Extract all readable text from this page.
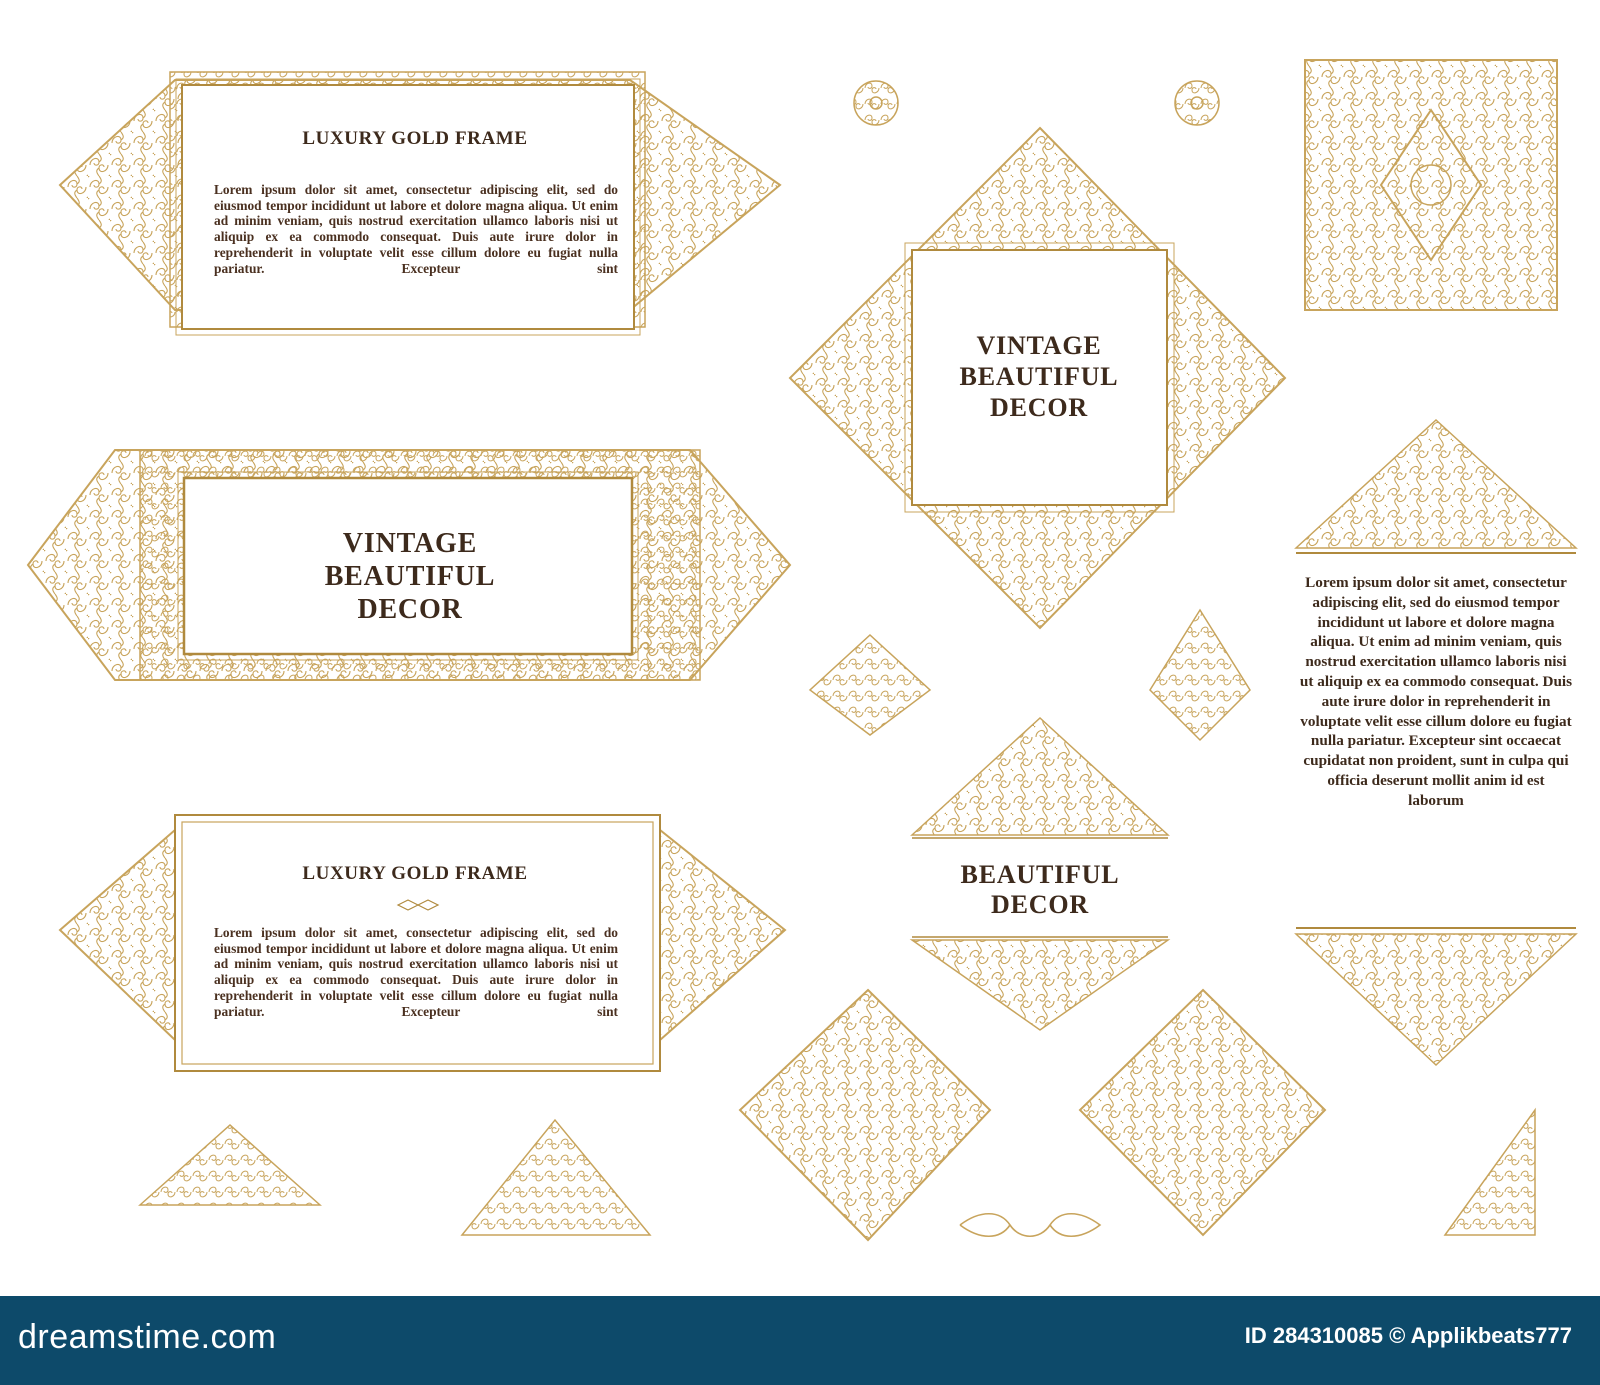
LUXURY GOLD FRAME

Lorem ipsum dolor sit amet, consectetur adipiscing elit, sed do eiusmod tempor incididunt ut labore et dolore magna aliqua. Ut enim ad minim veniam, quis nostrud exercitation ullamco laboris nisi ut aliquip ex ea commodo consequat. Duis aute irure dolor in reprehenderit in voluptate velit esse cillum dolore eu fugiat nulla pariatur. Excepteur sint

VINTAGE
BEAUTIFUL
DECOR
LUXURY GOLD FRAME

Lorem ipsum dolor sit amet, consectetur adipiscing elit, sed do eiusmod tempor incididunt ut labore et dolore magna aliqua. Ut enim ad minim veniam, quis nostrud exercitation ullamco laboris nisi ut aliquip ex ea commodo consequat. Duis aute irure dolor in reprehenderit in voluptate velit esse cillum dolore eu fugiat nulla pariatur. Excepteur sint

VINTAGE
BEAUTIFUL
DECOR
BEAUTIFUL
DECOR

Lorem ipsum dolor sit amet, consectetur adipiscing elit, sed do eiusmod tempor incididunt ut labore et dolore magna aliqua. Ut enim ad minim veniam, quis nostrud exercitation ullamco laboris nisi ut aliquip ex ea commodo consequat. Duis aute irure dolor in reprehenderit in voluptate velit esse cillum dolore eu fugiat nulla pariatur. Excepteur sint occaecat cupidatat non proident, sunt in culpa qui officia deserunt mollit anim id est laborum

dreamstime.com	ID 284310085 © Applikbeats777
